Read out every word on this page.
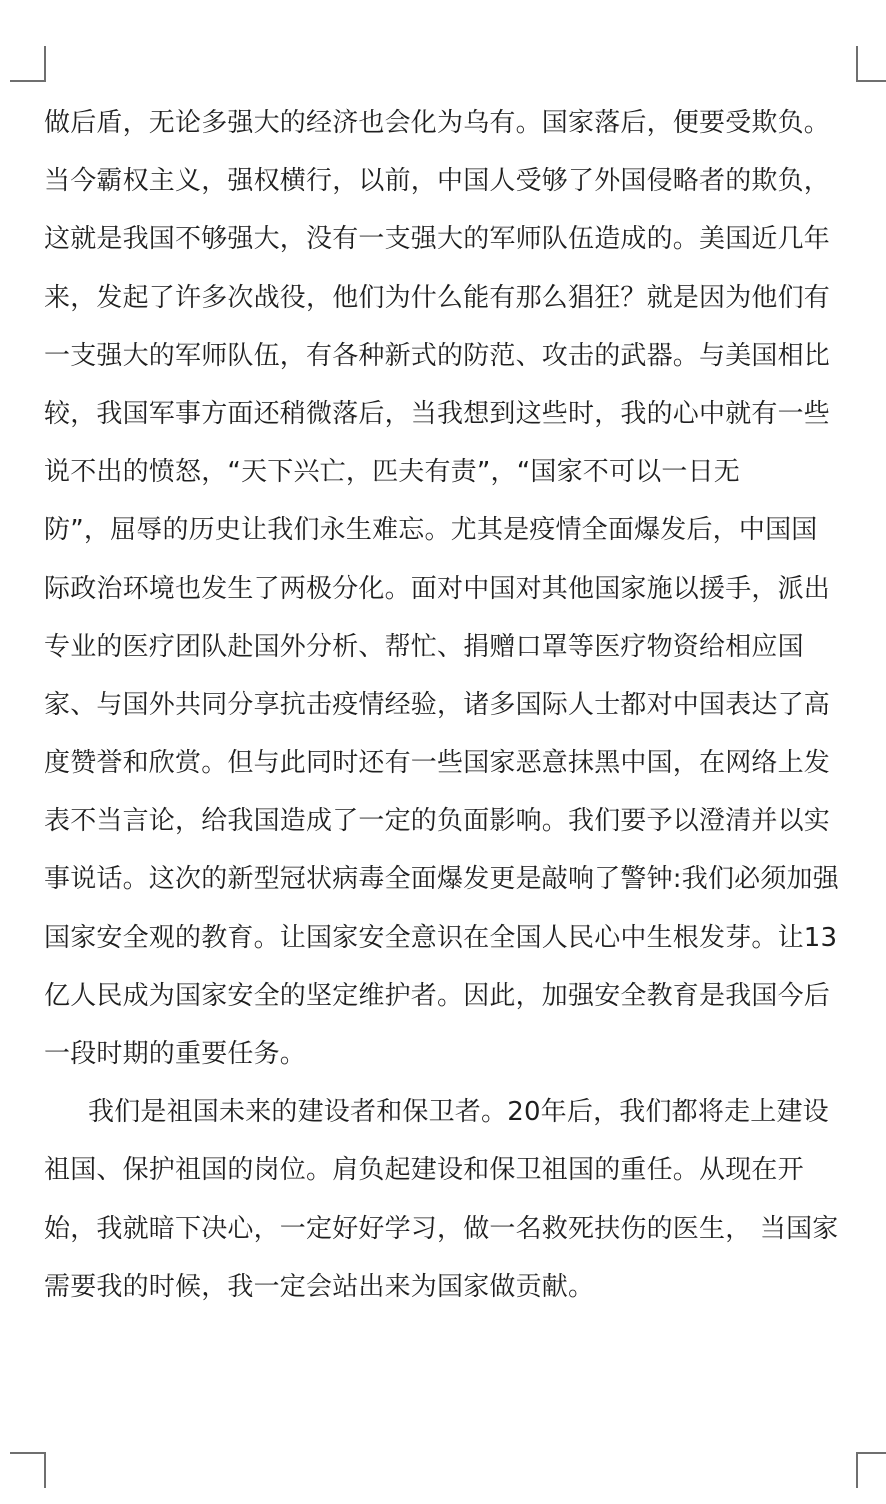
做后盾，无论多强大的经济也会化为乌有。国家落后，便要受欺负。
当今霸权主义，强权横行，以前，中国人受够了外国侵略者的欺负，
这就是我国不够强大，没有一支强大的军师队伍造成的。美国近几年
来，发起了许多次战役，他们为什么能有那么猖狂？就是因为他们有
一支强大的军师队伍，有各种新式的防范、攻击的武器。与美国相比
较，我国军事方面还稍微落后，当我想到这些时，我的心中就有一些
说不出的愤怒，“天下兴亡，匹夫有责”，“国家不可以一日无
防”，屈辱的历史让我们永生难忘。尤其是疫情全面爆发后，中国国
际政治环境也发生了两极分化。面对中国对其他国家施以援手，派出
专业的医疗团队赴国外分析、帮忙、捐赠口罩等医疗物资给相应国
家、与国外共同分享抗击疫情经验，诸多国际人士都对中国表达了高
度赞誉和欣赏。但与此同时还有一些国家恶意抹黑中国，在网络上发
表不当言论，给我国造成了一定的负面影响。我们要予以澄清并以实
事说话。这次的新型冠状病毒全面爆发更是敲响了警钟:我们必须加强
国家安全观的教育。让国家安全意识在全国人民心中生根发芽。让13
亿人民成为国家安全的坚定维护者。因此，加强安全教育是我国今后
一段时期的重要任务。
我们是祖国未来的建设者和保卫者。20年后，我们都将走上建设
祖国、保护祖国的岗位。肩负起建设和保卫祖国的重任。从现在开
始，我就暗下决心，一定好好学习，做一名救死扶伤的医生， 当国家
需要我的时候，我一定会站出来为国家做贡献。
